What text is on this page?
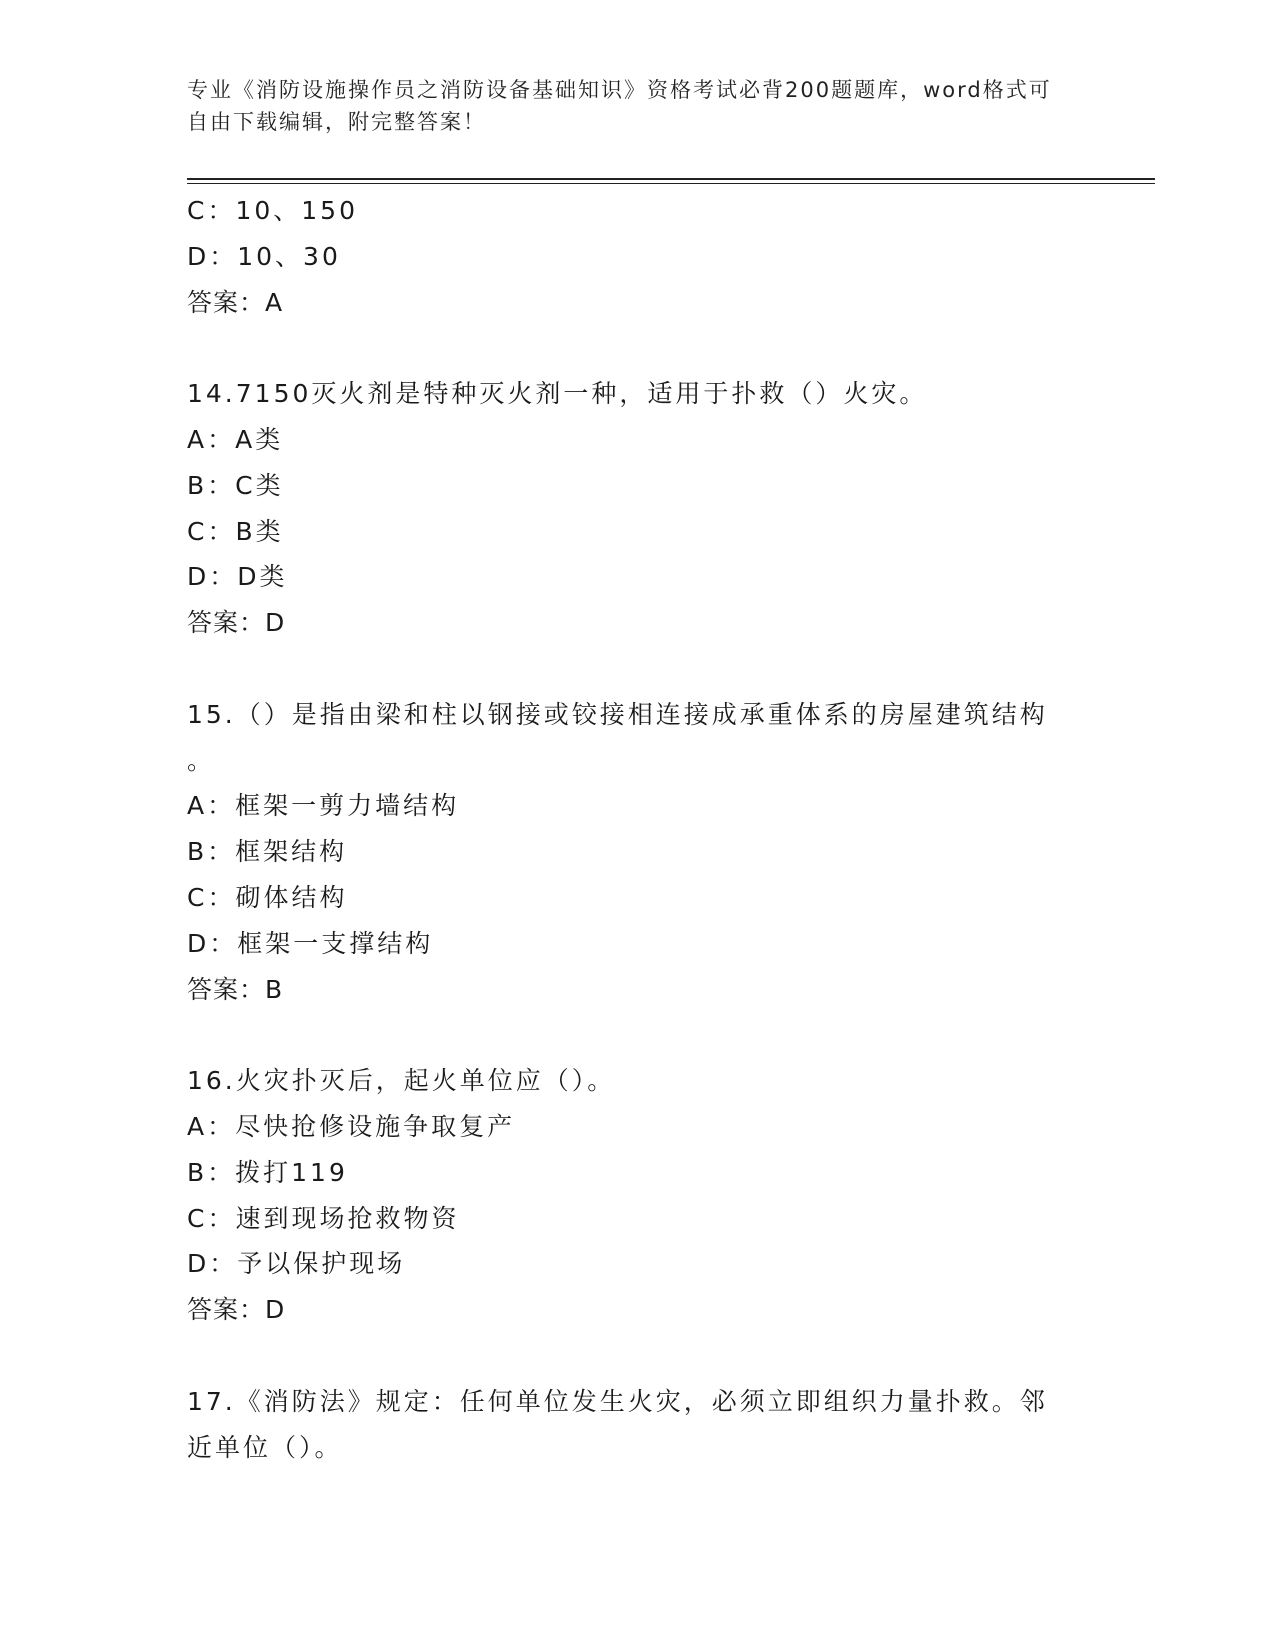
专业《消防设施操作员之消防设备基础知识》资格考试必背200题题库，word格式可自由下载编辑，附完整答案！
C：10、150
D：10、30
答案：A
14.7150灭火剂是特种灭火剂一种，适用于扑救（）火灾。
A：A类
B：C类
C：B类
D：D类
答案：D
15.（）是指由梁和柱以钢接或铰接相连接成承重体系的房屋建筑结构
。
A：框架一剪力墙结构
B：框架结构
C：砌体结构
D：框架一支撑结构
答案：B
16.火灾扑灭后，起火单位应（）。
A：尽快抢修设施争取复产
B：拨打119
C：速到现场抢救物资
D：予以保护现场
答案：D
17.《消防法》规定：任何单位发生火灾，必须立即组织力量扑救。邻
近单位（）。
